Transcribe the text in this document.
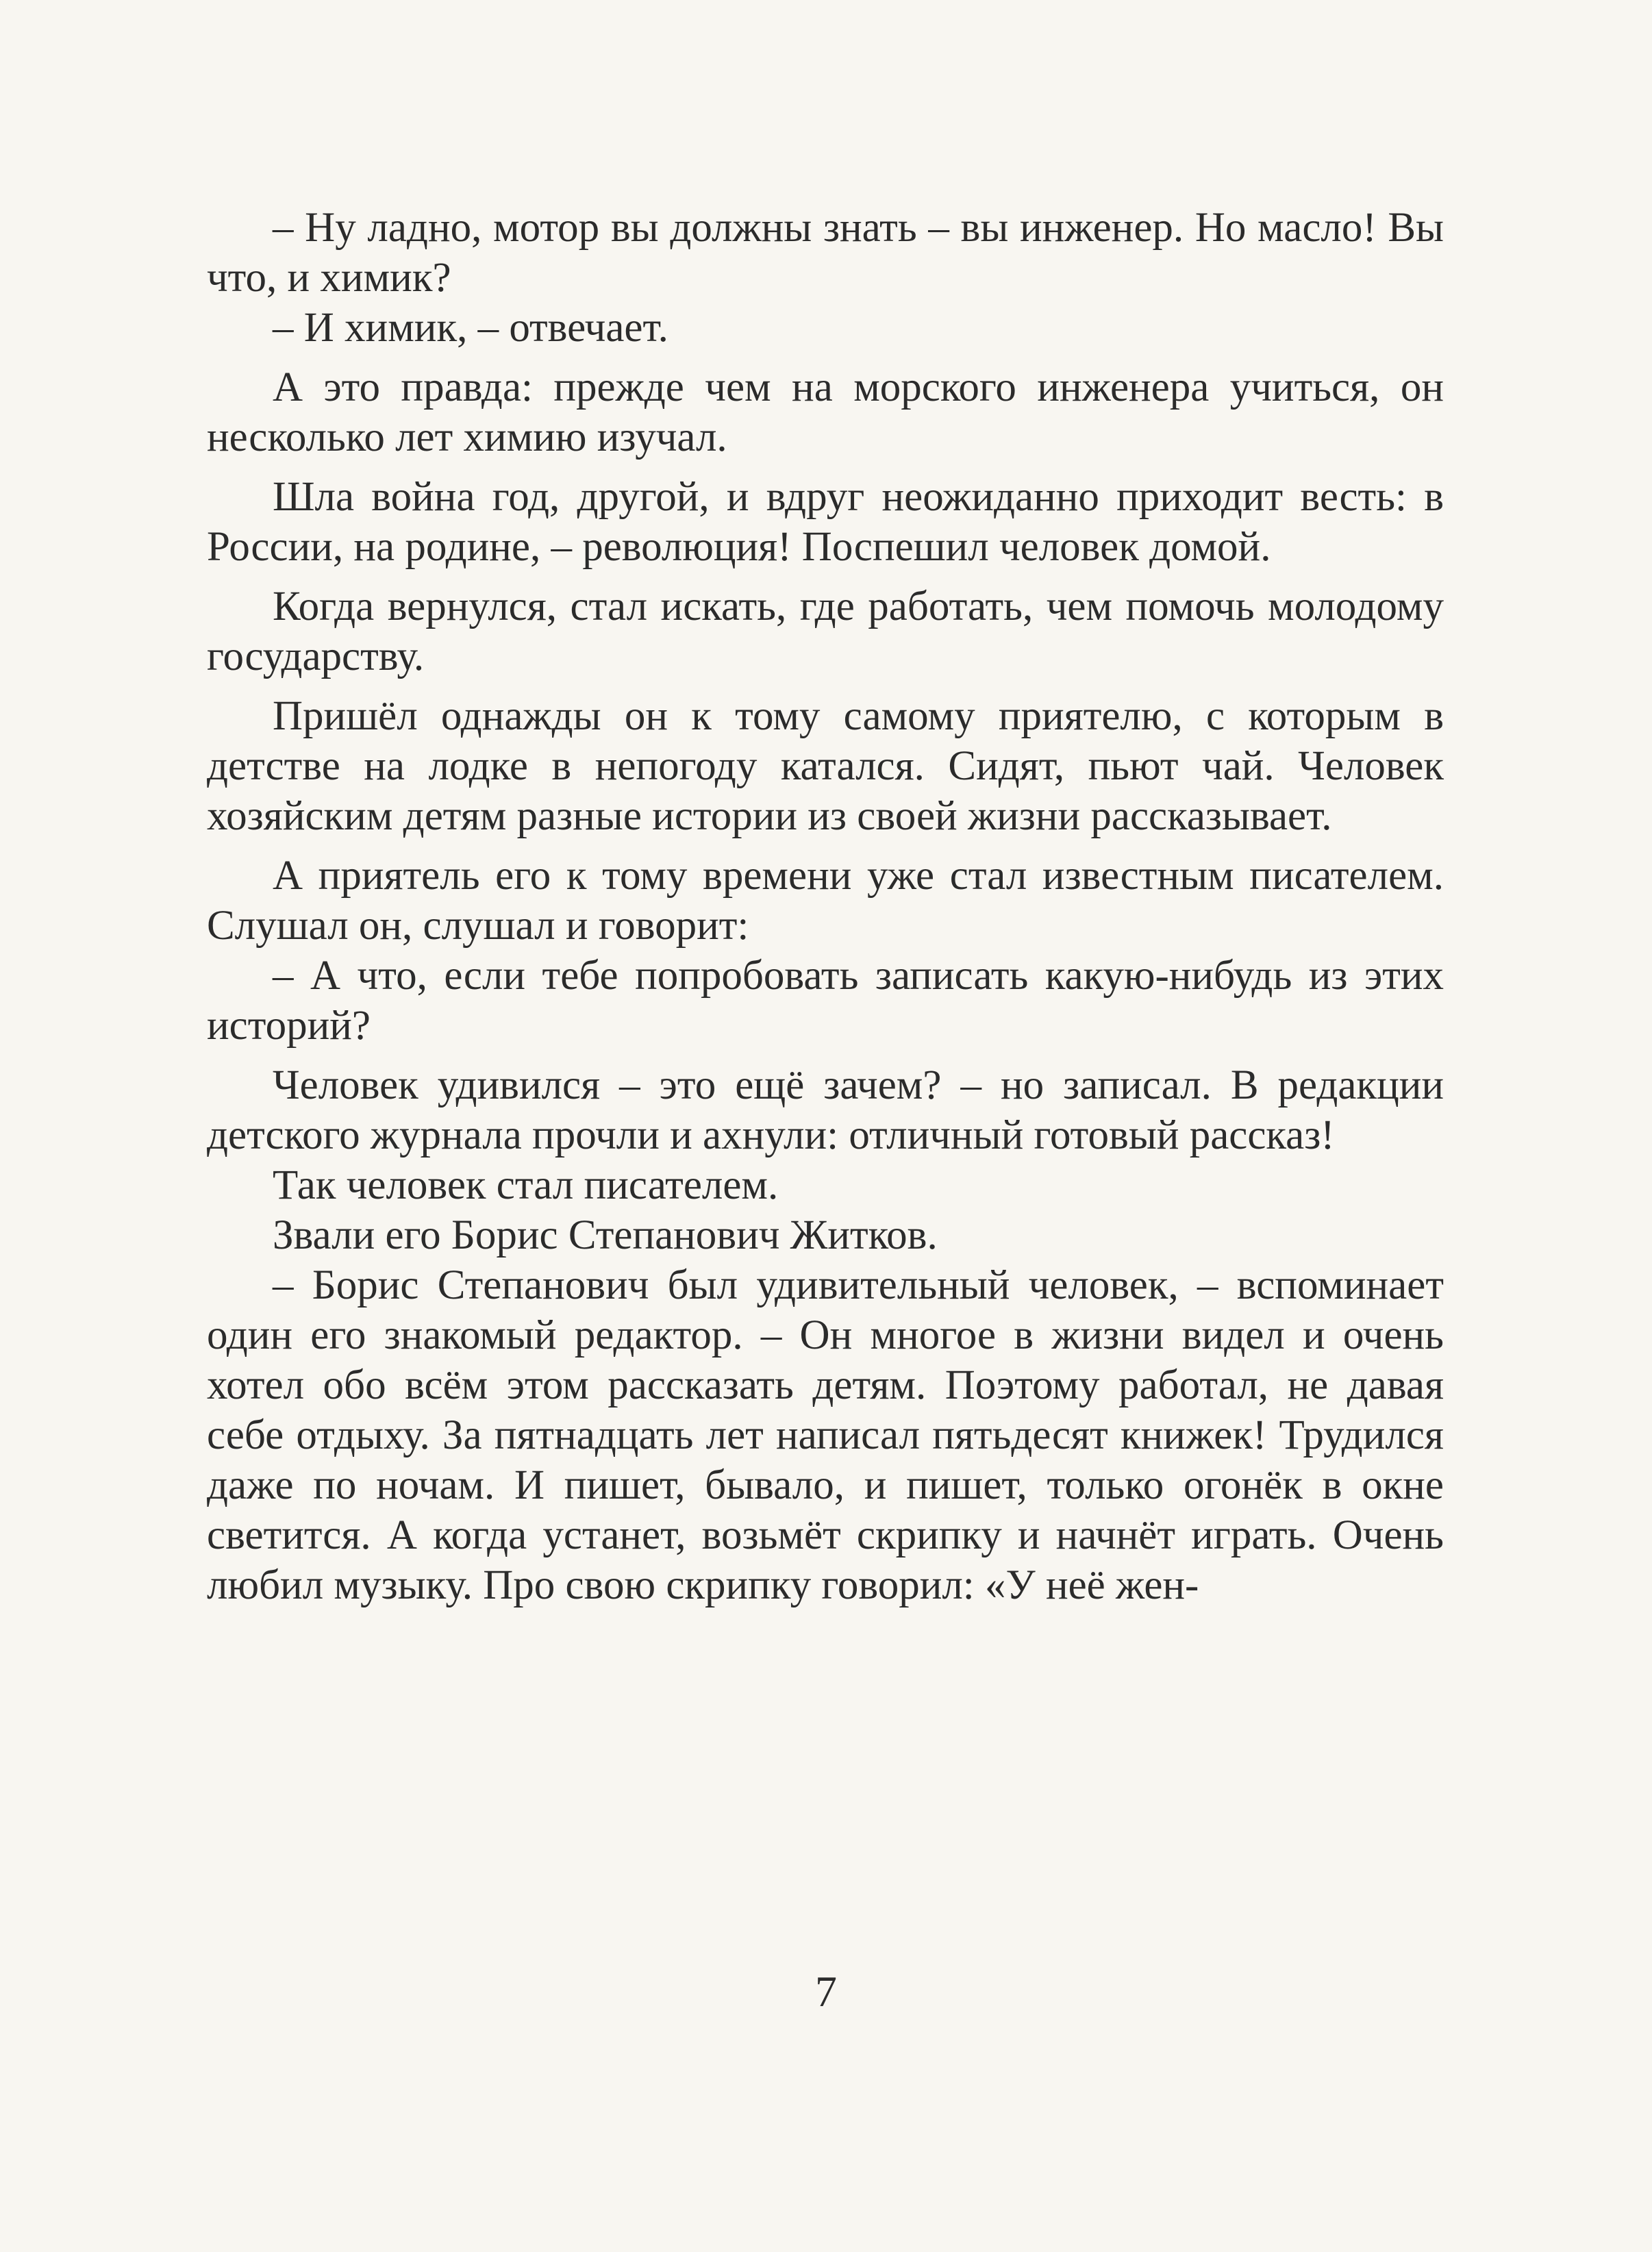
– Ну ладно, мотор вы должны знать – вы инженер. Но масло! Вы что, и химик?

– И химик, – отвечает.

А это правда: прежде чем на морского инженера учиться, он несколько лет химию изучал.

Шла война год, другой, и вдруг неожиданно приходит весть: в России, на родине, – революция! Поспешил человек домой.

Когда вернулся, стал искать, где работать, чем помочь молодому государству.

Пришёл однажды он к тому самому приятелю, с которым в детстве на лодке в непогоду катался. Сидят, пьют чай. Человек хозяйским детям разные истории из своей жизни рассказывает.

А приятель его к тому времени уже стал известным писателем. Слушал он, слушал и говорит:

– А что, если тебе попробовать записать какую-нибудь из этих историй?

Человек удивился – это ещё зачем? – но записал. В редакции детского журнала прочли и ахнули: отличный готовый рассказ!

Так человек стал писателем.

Звали его Борис Степанович Житков.

– Борис Степанович был удивительный человек, – вспоминает один его знакомый редактор. – Он многое в жизни видел и очень хотел обо всём этом рассказать детям. Поэтому работал, не давая себе отдыху. За пятнадцать лет написал пятьдесят книжек! Трудился даже по ночам. И пишет, бывало, и пишет, только огонёк в окне светится. А когда устанет, возьмёт скрипку и начнёт играть. Очень любил музыку. Про свою скрипку говорил: «У неё жен-

7
